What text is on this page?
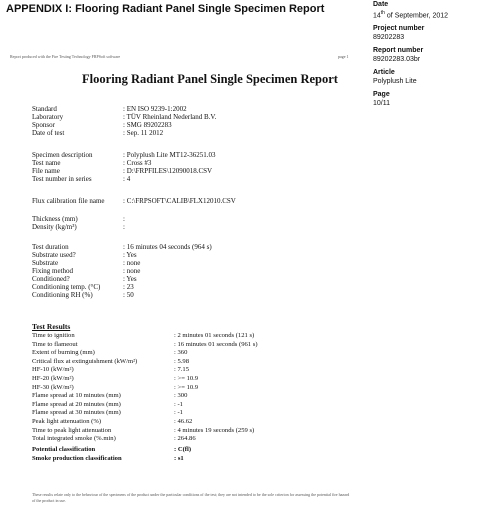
APPENDIX I: Flooring Radiant Panel Single Specimen Report
Report produced with the Fire Testing Technology FRPSoft software	page 1
Flooring Radiant Panel Single Specimen Report
Standard	: EN ISO 9239-1:2002
Laboratory	: TÜV Rheinland Nederland B.V.
Sponsor	: SMG 89202283
Date of test	: Sep. 11 2012
Specimen description	: Polyplush Lite MT12-36251.03
Test name	: Cross #3
File name	: D:\FRPFILES\12090018.CSV
Test number in series	: 4
Flux calibration file name	: C:\FRPSOFT\CALIB\FLX12010.CSV
Thickness (mm)	:
Density (kg/m³)	:
Test duration	: 16 minutes 04 seconds (964 s)
Substrate used?	: Yes
Substrate	: none
Fixing method	: none
Conditioned?	: Yes
Conditioning temp. (°C)	: 23
Conditioning RH (%)	: 50
Test Results
Time to ignition	: 2 minutes 01 seconds (121 s)
Time to flameout	: 16 minutes 01 seconds (961 s)
Extent of burning (mm)	: 360
Critical flux at extinguishment (kW/m²)	: 5.98
HF-10 (kW/m²)	: 7.15
HF-20 (kW/m²)	: >= 10.9
HF-30 (kW/m²)	: >= 10.9
Flame spread at 10 minutes (mm)	: 300
Flame spread at 20 minutes (mm)	: -1
Flame spread at 30 minutes (mm)	: -1
Peak light attenuation (%)	: 46.62
Time to peak light attenuation	: 4 minutes 19 seconds (259 s)
Total integrated smoke (%.min)	: 264.86
Potential classification	: C(fl)
Smoke production classification	: s1
These results relate only to the behaviour of the specimens of the product under the particular conditions of the test; they are not intended to be the sole criterion for assessing the potential fire hazard of the product in use.
Date
14th of September, 2012
Project number
89202283
Report number
89202283.03br
Article
Polyplush Lite
Page
10/11
